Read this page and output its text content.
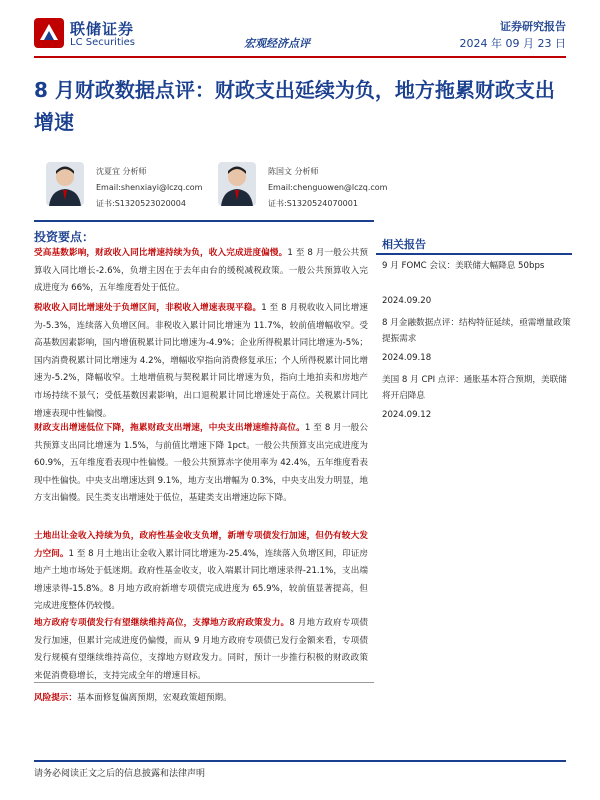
联储证券
LC Securities	宏观经济点评
证券研究报告
2024 年 09 月 23 日
8 月财政数据点评：财政支出延续为负，地方拖累财政支出增速
沈夏宜 分析师
Email:shenxiayi@lczq.com
证书:S1320523020004
陈国文 分析师
Email:chenguowen@lczq.com
证书:S1320524070001
投资要点：
受高基数影响，财政收入同比增速持续为负，收入完成进度偏慢。1 至 8 月一般公共预算收入同比增长-2.6%，负增主因在于去年由台的缓税减税政策。一般公共预算收入完成进度为 66%，五年维度看处于低位。
税收收入同比增速处于负增区间，非税收入增速表现平稳。1 至 8 月税收收入同比增速为-5.3%，连续落入负增区间。非税收入累计同比增速为 11.7%，较前值增幅收窄。受高基数因素影响，国内增值税累计同比增速为-4.9%；企业所得税累计同比增速为-5%；国内消费税累计同比增速为 4.2%，增幅收窄指向消费修复承压；个人所得税累计同比增速为-5.2%，降幅收窄。土地增值税与契税累计同比增速为负，指向土地拍卖和房地产市场持续不景气；受低基数因素影响，出口退税累计同比增速处于高位。关税累计同比增速表现中性偏慢。
财政支出增速低位下降，拖累财政支出增速，中央支出增速维持高位。1 至 8 月一般公共预算支出同比增速为 1.5%，与前值比增速下降 1pct。一般公共预算支出完成进度为 60.9%，五年维度看表现中性偏慢。一般公共预算赤字使用率为 42.4%，五年维度看表现中性偏快。中央支出增速达到 9.1%，地方支出增幅为 0.3%，中央支出发力明显，地方支出偏慢。民生类支出增速处于低位，基建类支出增速边际下降。
土地出让金收入持续为负，政府性基金收支负增，新增专项债发行加速，但仍有较大发力空间。1 至 8 月土地出让金收入累计同比增速为-25.4%，连续落入负增区间，印证房地产土地市场处于低迷期。政府性基金收支，收入端累计同比增速录得-21.1%，支出端增速录得-15.8%。8 月地方政府新增专项债完成进度为 65.9%，较前值显著提高，但完成进度整体仍较慢。
地方政府专项债发行有望继续维持高位，支撑地方政府政策发力。8 月地方政府专项债发行加速，但累计完成进度仍偏慢，而从 9 月地方政府专项债已发行金额来看，专项债发行规模有望继续维持高位，支撑地方财政发力。同时，预计一步推行积极的财政政策来促消费稳增长，支持完成全年的增速目标。
风险提示：基本面修复偏离预期，宏观政策超预期。
相关报告
9 月 FOMC 会议：美联储大幅降息 50bps
2024.09.20
8 月金融数据点评：结构特征延续，亟需增量政策提振需求
2024.09.18
美国 8 月 CPI 点评：通胀基本符合预期，美联储将开启降息
2024.09.12
请务必阅读正文之后的信息披露和法律声明
